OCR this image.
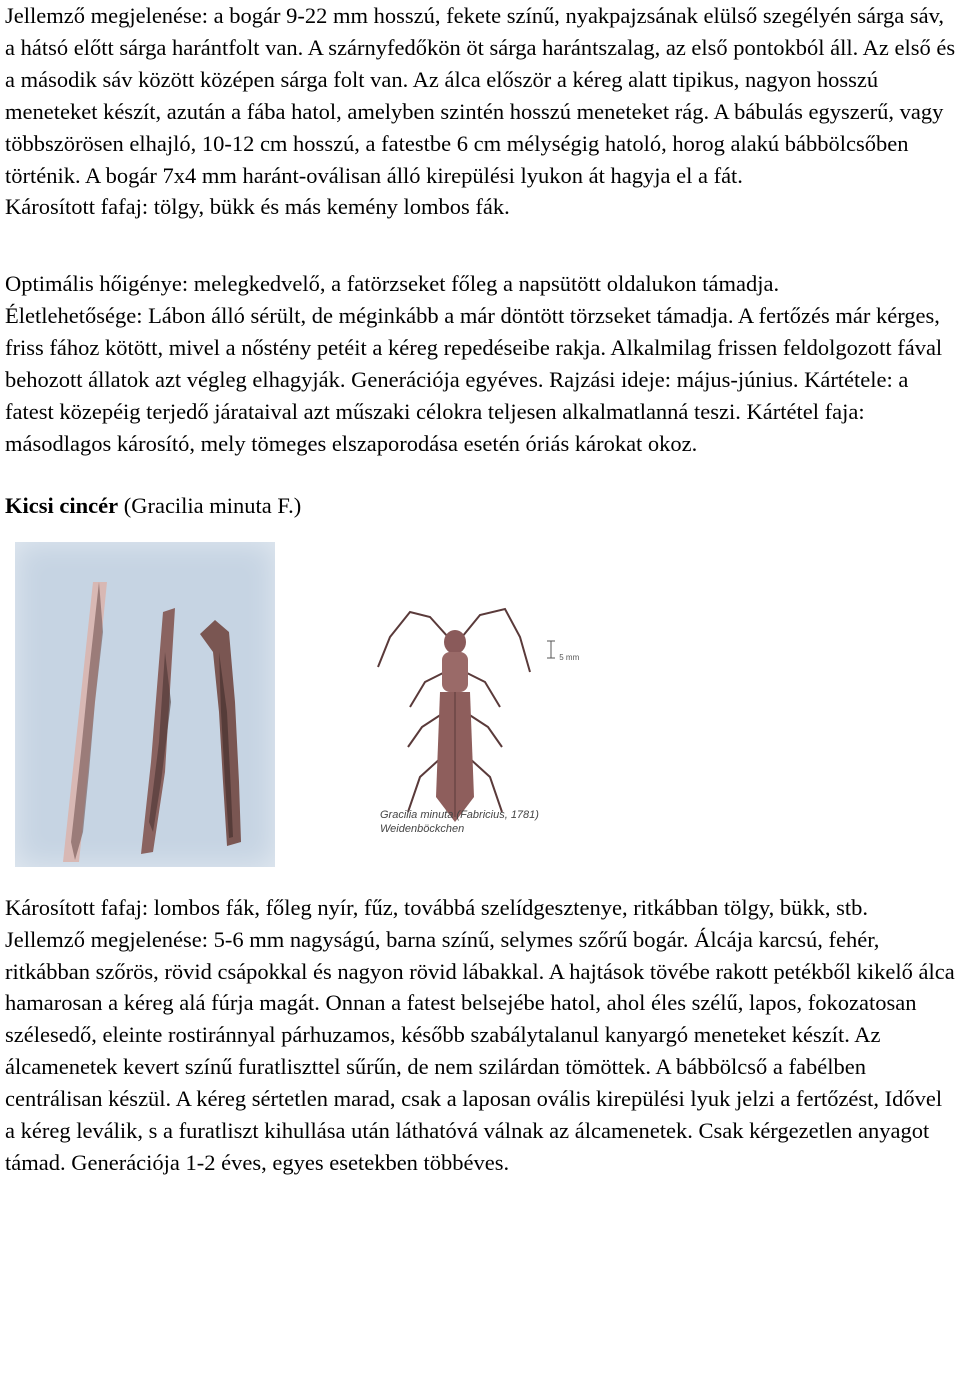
Jellemző megjelenése: a bogár 9-22 mm hosszú, fekete színű, nyakpajzsának elülső szegélyén sárga sáv, a hátsó előtt sárga harántfolt van. A szárnyfedőkön öt sárga harántszalag, az első pontokból áll. Az első és a második sáv között középen sárga folt van. Az álca először a kéreg alatt tipikus, nagyon hosszú meneteket készít, azután a fába hatol, amelyben szintén hosszú meneteket rág. A bábulás egyszerű, vagy többszörösen elhajló, 10-12 cm hosszú, a fatestbe 6 cm mélységig hatoló, horog alakú bábbölcsőben történik. A bogár 7x4 mm haránt-oválisan álló kirepülési lyukon át hagyja el a fát.

Károsított fafaj: tölgy, bükk és más kemény lombos fák.

Optimális hőigénye: melegkedvelő, a fatörzseket főleg a napsütött oldalukon támadja.

Életlehetősége: Lábon álló sérült, de méginkább a már döntött törzseket támadja. A fertőzés már kérges, friss fához kötött, mivel a nőstény petéit a kéreg repedéseibe rakja. Alkalmilag frissen feldolgozott fával behozott állatok azt végleg elhagyják. Generációja egyéves. Rajzási ideje: május-június. Kártétele: a fatest közepéig terjedő járataival azt műszaki célokra teljesen alkalmatlanná teszi. Kártétel faja: másodlagos károsító, mely tömeges elszaporodása esetén óriás károkat okoz.

Kicsi cincér (Gracilia minuta F.)

5 mm
Gracilia minuta (Fabricius, 1781)
Weidenböckchen

Károsított fafaj: lombos fák, főleg nyír, fűz, továbbá szelídgesztenye, ritkábban tölgy, bükk, stb.

Jellemző megjelenése: 5-6 mm nagyságú, barna színű, selymes szőrű bogár. Álcája karcsú, fehér, ritkábban szőrös, rövid csápokkal és nagyon rövid lábakkal. A hajtások tövébe rakott petékből kikelő álca hamarosan a kéreg alá fúrja magát. Onnan a fatest belsejébe hatol, ahol éles szélű, lapos, fokozatosan szélesedő, eleinte rostiránnyal párhuzamos, később szabálytalanul kanyargó meneteket készít. Az álcamenetek kevert színű furatliszttel sűrűn, de nem szilárdan tömöttek. A bábbölcső a fabélben centrálisan készül. A kéreg sértetlen marad, csak a laposan ovális kirepülési lyuk jelzi a fertőzést, Idővel a kéreg leválik, s a furatliszt kihullása után láthatóvá válnak az álcamenetek. Csak kérgezetlen anyagot támad. Generációja 1-2 éves, egyes esetekben többéves.
